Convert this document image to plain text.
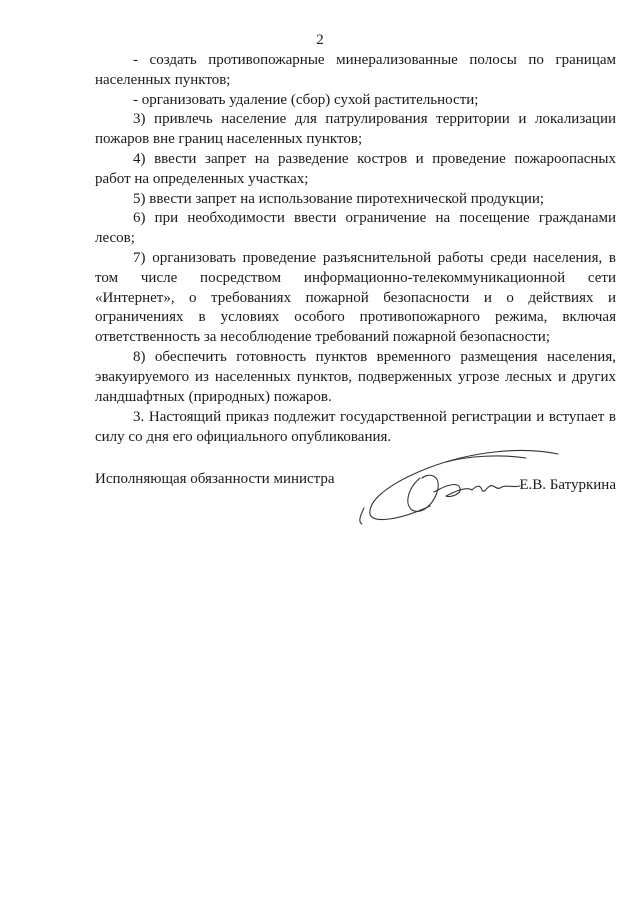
2

- создать противопожарные минерализованные полосы по границам населенных пунктов;

- организовать удаление (сбор) сухой растительности;

3) привлечь население для патрулирования территории и локализации пожаров вне границ населенных пунктов;

4) ввести запрет на разведение костров и проведение пожароопасных работ на определенных участках;

5) ввести запрет на использование пиротехнической продукции;

6) при необходимости ввести ограничение на посещение гражданами лесов;

7) организовать проведение разъяснительной работы среди населения, в том числе посредством информационно-телекоммуникационной сети «Интернет», о требованиях пожарной безопасности и о действиях и ограничениях в условиях особого противопожарного режима, включая ответственность за несоблюдение требований пожарной безопасности;

8) обеспечить готовность пунктов временного размещения населения, эвакуируемого из населенных пунктов, подверженных угрозе лесных и других ландшафтных (природных) пожаров.

3. Настоящий приказ подлежит государственной регистрации и вступает в силу со дня его официального опубликования.

Исполняющая обязанности министра	Е.В. Батуркина
